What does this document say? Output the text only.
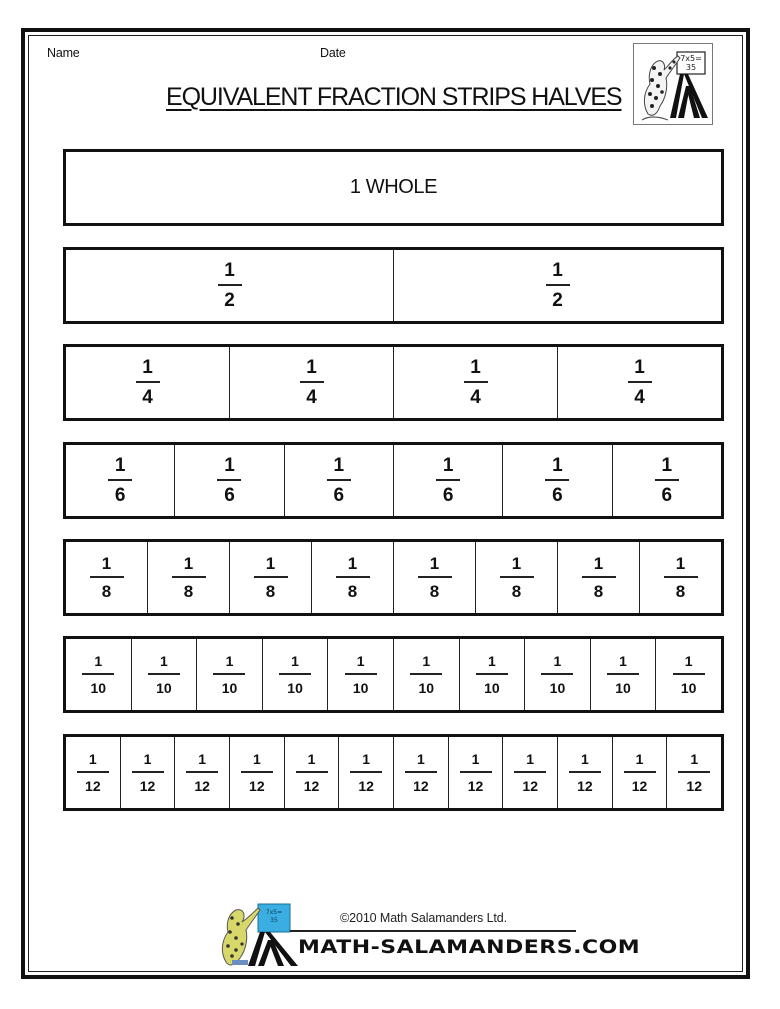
Name	Date
EQUIVALENT FRACTION STRIPS HALVES
7x5=
35
1 WHOLE
$\frac{1}{2}$	$\frac{1}{2}$
$\frac{1}{4}$	$\frac{1}{4}$	$\frac{1}{4}$	$\frac{1}{4}$
$\frac{1}{6}$	$\frac{1}{6}$	$\frac{1}{6}$	$\frac{1}{6}$	$\frac{1}{6}$	$\frac{1}{6}$
$\frac{1}{8}$	$\frac{1}{8}$	$\frac{1}{8}$	$\frac{1}{8}$	$\frac{1}{8}$	$\frac{1}{8}$	$\frac{1}{8}$	$\frac{1}{8}$
$\frac{1}{10} \frac{1}{10} \frac{1}{10} \frac{1}{10} \frac{1}{10} \frac{1}{10} \frac{1}{10} \frac{1}{10} \frac{1}{10} \frac{1}{10}$
$\frac{1}{12} \frac{1}{12} \frac{1}{12} \frac{1}{12} \frac{1}{12} \frac{1}{12} \frac{1}{12} \frac{1}{12} \frac{1}{12} \frac{1}{12} \frac{1}{12} \frac{1}{12}$
7x5=
35	©2010 Math Salamanders Ltd.
MATH-SALAMANDERS.COM
